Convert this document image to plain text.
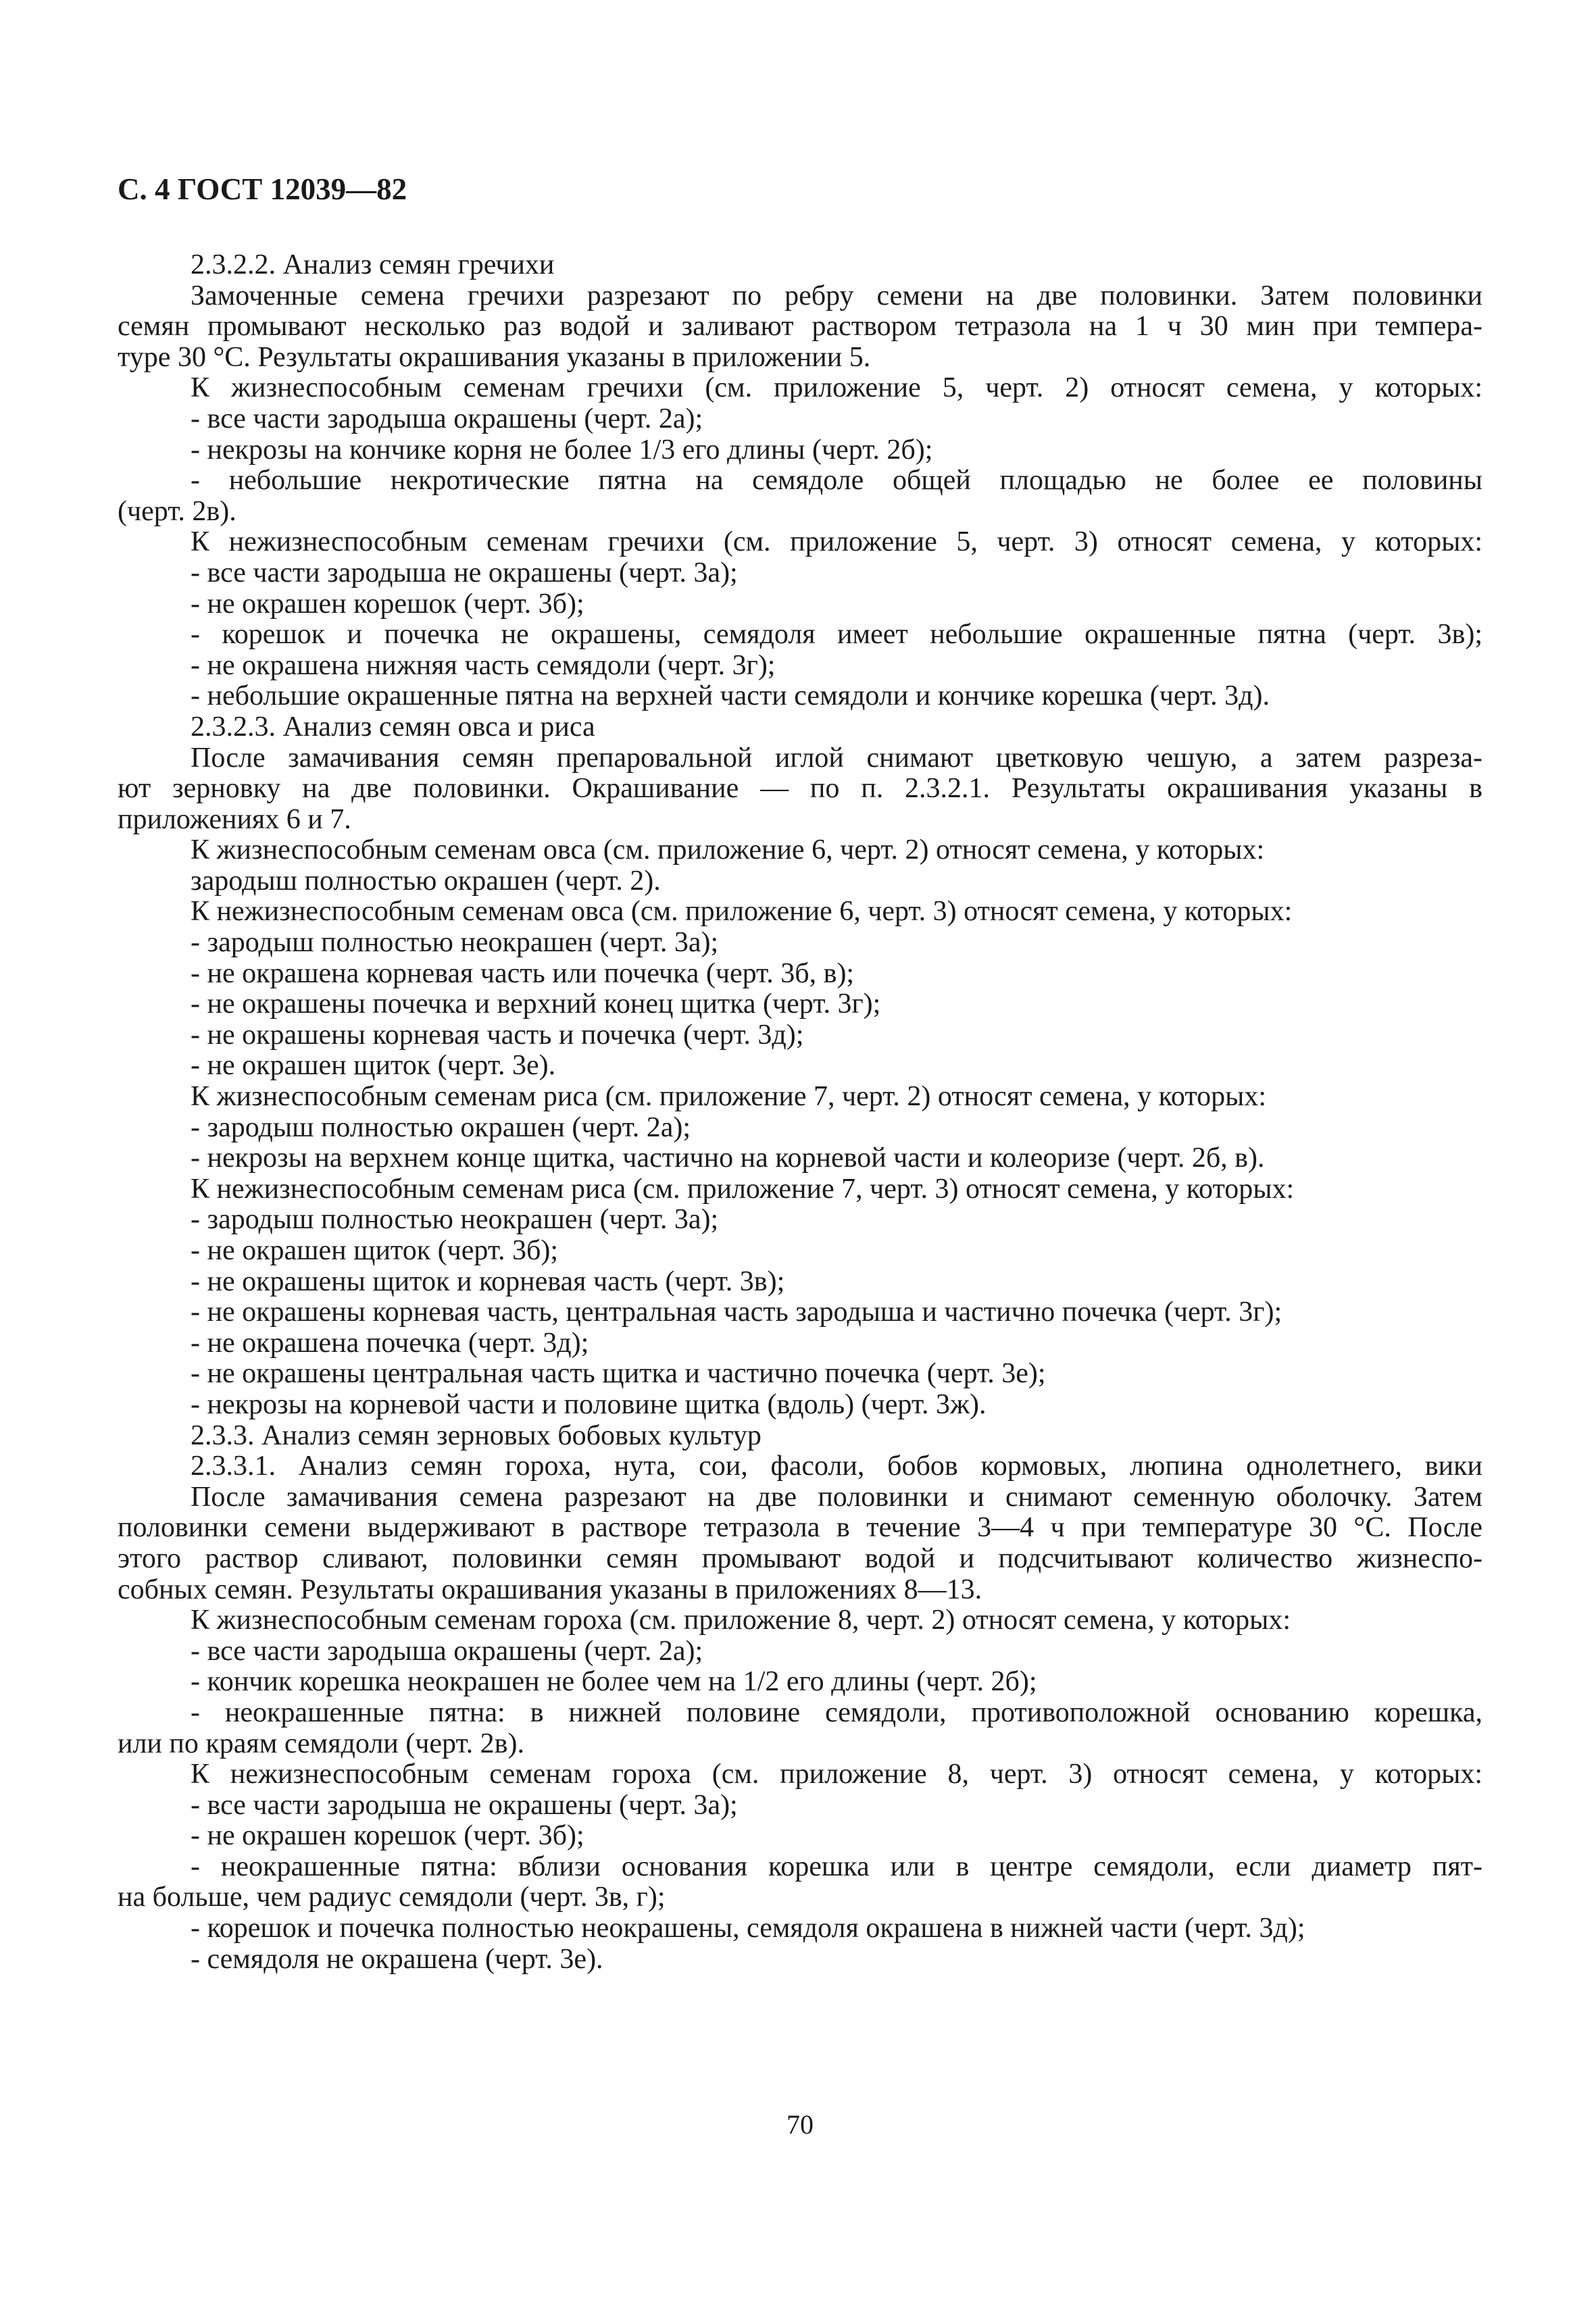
С. 4 ГОСТ 12039—82

2.3.2.2. Анализ семян гречихи
Замоченные семена гречихи разрезают по ребру семени на две половинки. Затем половинки
семян промывают несколько раз водой и заливают раствором тетразола на 1 ч 30 мин при темпера-
туре 30 °С. Результаты окрашивания указаны в приложении 5.
К жизнеспособным семенам гречихи (см. приложение 5, черт. 2) относят семена, у которых:
- все части зародыша окрашены (черт. 2а);
- некрозы на кончике корня не более 1/3 его длины (черт. 2б);
- небольшие некротические пятна на семядоле общей площадью не более ее половины
(черт. 2в).
К нежизнеспособным семенам гречихи (см. приложение 5, черт. 3) относят семена, у которых:
- все части зародыша не окрашены (черт. 3а);
- не окрашен корешок (черт. 3б);
- корешок и почечка не окрашены, семядоля имеет небольшие окрашенные пятна (черт. 3в);
- не окрашена нижняя часть семядоли (черт. 3г);
- небольшие окрашенные пятна на верхней части семядоли и кончике корешка (черт. 3д).
2.3.2.3. Анализ семян овса и риса
После замачивания семян препаровальной иглой снимают цветковую чешую, а затем разреза-
ют зерновку на две половинки. Окрашивание — по п. 2.3.2.1. Результаты окрашивания указаны в
приложениях 6 и 7.
К жизнеспособным семенам овса (см. приложение 6, черт. 2) относят семена, у которых:
зародыш полностью окрашен (черт. 2).
К нежизнеспособным семенам овса (см. приложение 6, черт. 3) относят семена, у которых:
- зародыш полностью неокрашен (черт. 3а);
- не окрашена корневая часть или почечка (черт. 3б, в);
- не окрашены почечка и верхний конец щитка (черт. 3г);
- не окрашены корневая часть и почечка (черт. 3д);
- не окрашен щиток (черт. 3е).
К жизнеспособным семенам риса (см. приложение 7, черт. 2) относят семена, у которых:
- зародыш полностью окрашен (черт. 2а);
- некрозы на верхнем конце щитка, частично на корневой части и колеоризе (черт. 2б, в).
К нежизнеспособным семенам риса (см. приложение 7, черт. 3) относят семена, у которых:
- зародыш полностью неокрашен (черт. 3а);
- не окрашен щиток (черт. 3б);
- не окрашены щиток и корневая часть (черт. 3в);
- не окрашены корневая часть, центральная часть зародыша и частично почечка (черт. 3г);
- не окрашена почечка (черт. 3д);
- не окрашены центральная часть щитка и частично почечка (черт. 3е);
- некрозы на корневой части и половине щитка (вдоль) (черт. 3ж).
2.3.3. Анализ семян зерновых бобовых культур
2.3.3.1. Анализ семян гороха, нута, сои, фасоли, бобов кормовых, люпина однолетнего, вики
После замачивания семена разрезают на две половинки и снимают семенную оболочку. Затем
половинки семени выдерживают в растворе тетразола в течение 3—4 ч при температуре 30 °С. После
этого раствор сливают, половинки семян промывают водой и подсчитывают количество жизнеспо-
собных семян. Результаты окрашивания указаны в приложениях 8—13.
К жизнеспособным семенам гороха (см. приложение 8, черт. 2) относят семена, у которых:
- все части зародыша окрашены (черт. 2а);
- кончик корешка неокрашен не более чем на 1/2 его длины (черт. 2б);
- неокрашенные пятна: в нижней половине семядоли, противоположной основанию корешка,
или по краям семядоли (черт. 2в).
К нежизнеспособным семенам гороха (см. приложение 8, черт. 3) относят семена, у которых:
- все части зародыша не окрашены (черт. 3а);
- не окрашен корешок (черт. 3б);
- неокрашенные пятна: вблизи основания корешка или в центре семядоли, если диаметр пят-
на больше, чем радиус семядоли (черт. 3в, г);
- корешок и почечка полностью неокрашены, семядоля окрашена в нижней части (черт. 3д);
- семядоля не окрашена (черт. 3е).

70
